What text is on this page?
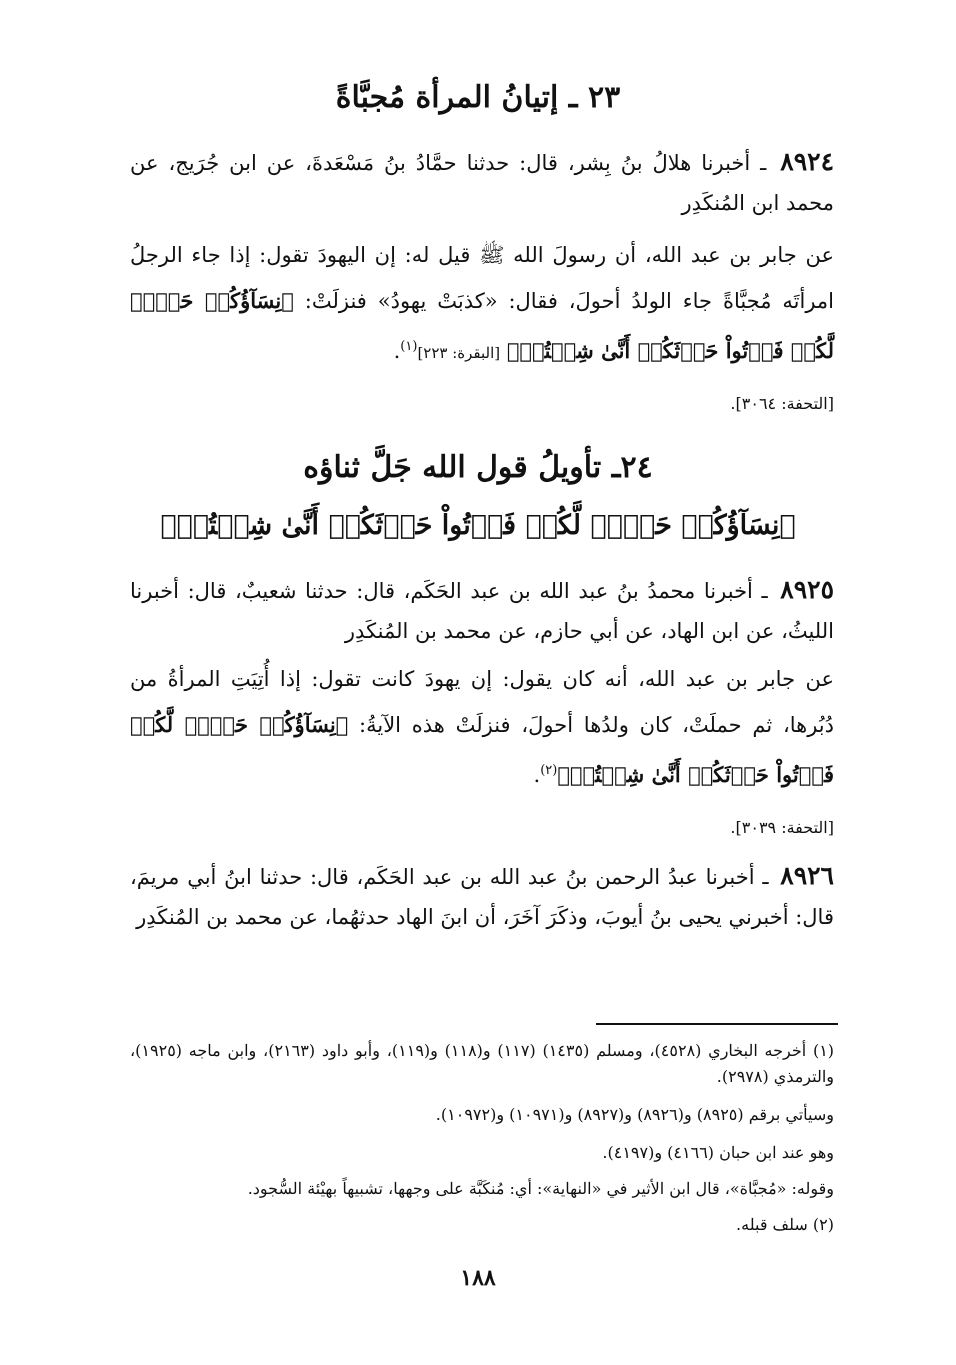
٢٣ ـ إتيانُ المرأة مُجبَّاةً
٨٩٢٤ ـ أخبرنا هلالُ بنُ بِشر، قال: حدثنا حمَّادُ بنُ مَسْعَدةَ، عن ابن جُرَيج، عن محمد ابن المُنكَدِر
عن جابر بن عبد الله، أن رسولَ الله ﷺ قيل له: إن اليهودَ تقول: إذا جاء الرجلُ امرأتَه مُجبَّاةً جاء الولدُ أحولَ، فقال: «كذبَتْ يهودُ» فنزلَتْ: ﴿نِسَآؤُكُمۡ حَرۡثٞ لَّكُمۡ فَأۡتُواْ حَرۡثَكُمۡ أَنَّىٰ شِئۡتُمۡ﴾ [البقرة: ٢٢٣]$^{(١)}$.
[التحفة: ٣٠٦٤].
٢٤ـ تأويلُ قول الله جَلَّ ثناؤه
﴿نِسَآؤُكُمۡ حَرۡثٞ لَّكُمۡ فَأۡتُواْ حَرۡثَكُمۡ أَنَّىٰ شِئۡتُمۡ﴾
٨٩٢٥ ـ أخبرنا محمدُ بنُ عبد الله بن عبد الحَكَم، قال: حدثنا شعيبٌ، قال: أخبرنا الليثُ، عن ابن الهاد، عن أبي حازم، عن محمد بن المُنكَدِر
عن جابر بن عبد الله، أنه كان يقول: إن يهودَ كانت تقول: إذا أُتِيَتِ المرأةُ من دُبُرها، ثم حملَتْ، كان ولدُها أحولَ، فنزلَتْ هذه الآيةُ: ﴿نِسَآؤُكُمۡ حَرۡثٞ لَّكُمۡ فَأۡتُواْ حَرۡثَكُمۡ أَنَّىٰ شِئۡتُمۡ﴾$^{(٢)}$.
[التحفة: ٣٠٣٩].
٨٩٢٦ ـ أخبرنا عبدُ الرحمن بنُ عبد الله بن عبد الحَكَم، قال: حدثنا ابنُ أبي مريمَ، قال: أخبرني يحيى بنُ أيوبَ، وذكَرَ آخَرَ، أن ابنَ الهاد حدثهُما، عن محمد بن المُنكَدِر
(١) أخرجه البخاري (٤٥٢٨)، ومسلم (١٤٣٥) (١١٧) و(١١٨) و(١١٩)، وأبو داود (٢١٦٣)، وابن ماجه (١٩٢٥)، والترمذي (٢٩٧٨).
وسيأتي برقم (٨٩٢٥) و(٨٩٢٦) و(٨٩٢٧) و(١٠٩٧١) و(١٠٩٧٢).
وهو عند ابن حبان (٤١٦٦) و(٤١٩٧).
وقوله: «مُجبَّاة»، قال ابن الأثير في «النهاية»: أي: مُنكَبَّة على وجهها، تشبيهاً بهيْئة السُّجود.
(٢) سلف قبله.
١٨٨
